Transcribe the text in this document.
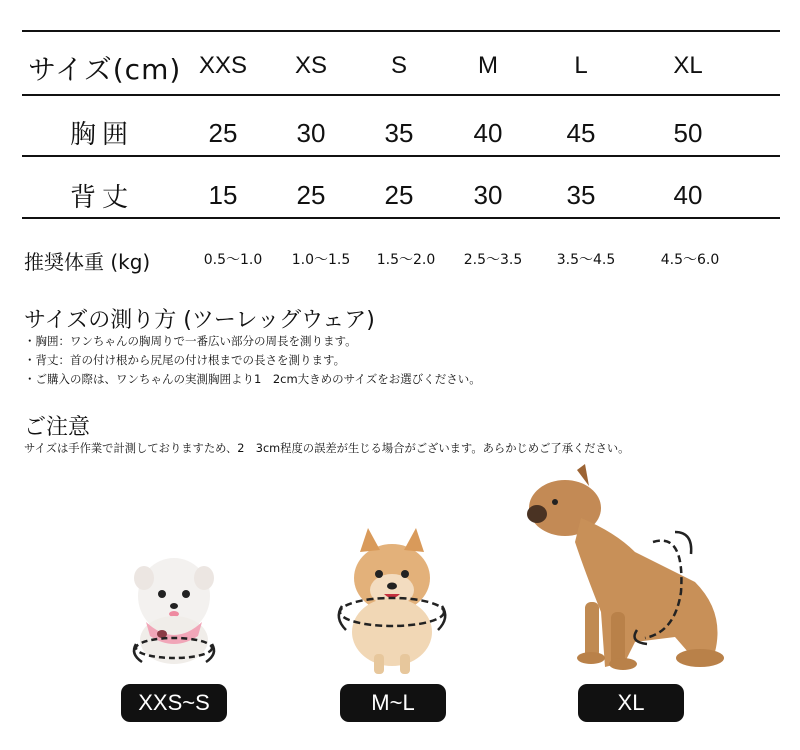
サイズ(cm) XXS	XS	S	M	L	XL
胸囲	25	30	35	40	45	50
背丈	15	25	25	30	35	40
推奨体重 (kg)	0.5～1.0	1.0～1.5	1.5～2.0	2.5～3.5	3.5～4.5	4.5～6.0
サイズの測り方 (ツーレッグウェア)
・胸囲：ワンちゃんの胸周りで一番広い部分の周長を測ります。
・背丈：首の付け根から尻尾の付け根までの長さを測ります。
・ご購入の際は、ワンちゃんの実測胸囲より1　2cm大きめのサイズをお選びください。
ご注意
サイズは手作業で計測しておりますため、2　3cm程度の誤差が生じる場合がございます。あらかじめご了承ください。
XXS~S	M~L	XL
